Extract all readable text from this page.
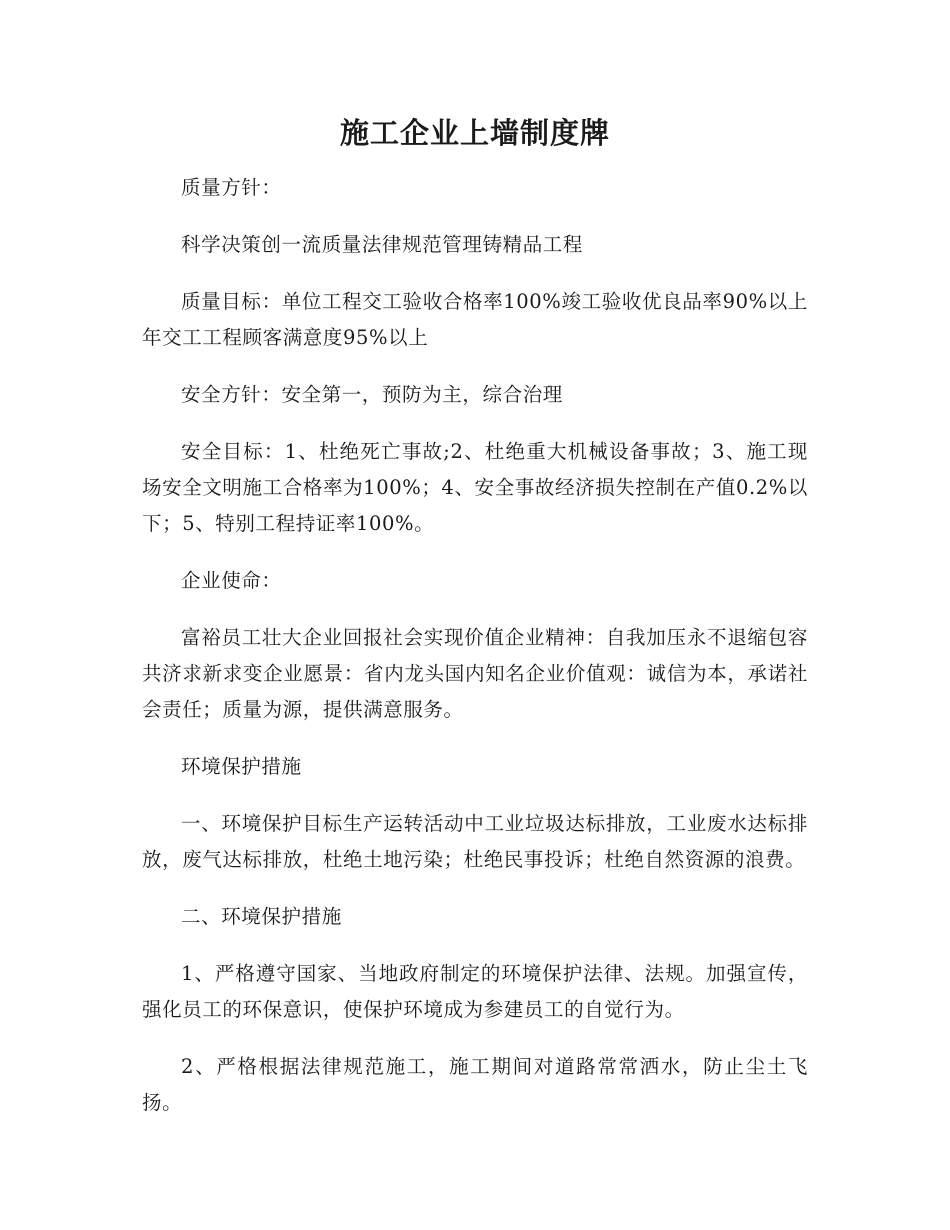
施工企业上墙制度牌

质量方针：

科学决策创一流质量法律规范管理铸精品工程

质量目标：单位工程交工验收合格率100%竣工验收优良品率90%以上年交工工程顾客满意度95%以上

安全方针：安全第一，预防为主，综合治理

安全目标：1、杜绝死亡事故;2、杜绝重大机械设备事故；3、施工现场安全文明施工合格率为100%；4、安全事故经济损失控制在产值0.2%以下；5、特别工程持证率100%。

企业使命：

富裕员工壮大企业回报社会实现价值企业精神：自我加压永不退缩包容共济求新求变企业愿景：省内龙头国内知名企业价值观：诚信为本，承诺社会责任；质量为源，提供满意服务。

环境保护措施

一、环境保护目标生产运转活动中工业垃圾达标排放，工业废水达标排放，废气达标排放，杜绝土地污染；杜绝民事投诉；杜绝自然资源的浪费。

二、环境保护措施

1、严格遵守国家、当地政府制定的环境保护法律、法规。加强宣传，强化员工的环保意识，使保护环境成为参建员工的自觉行为。

2、严格根据法律规范施工，施工期间对道路常常洒水，防止尘土飞扬。
